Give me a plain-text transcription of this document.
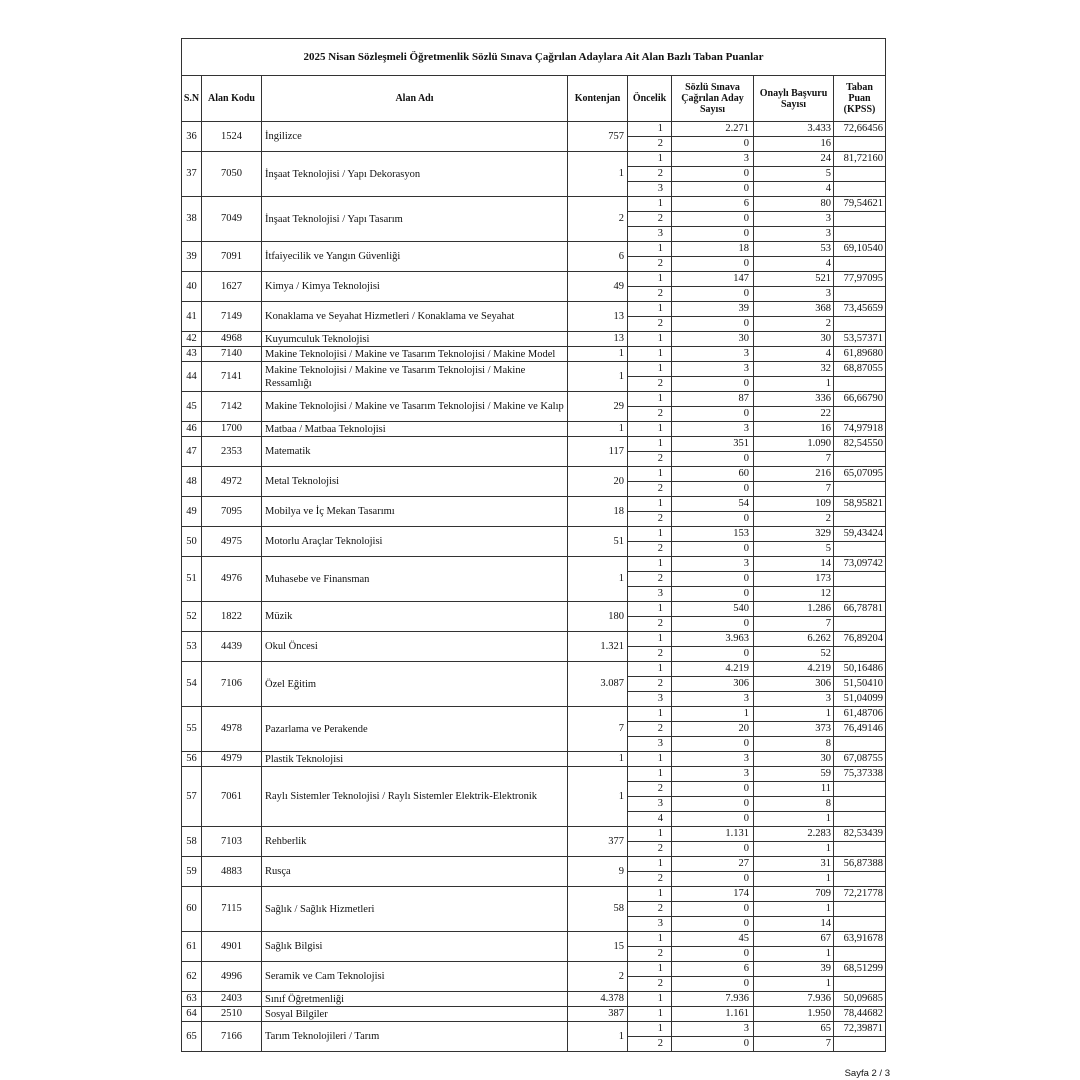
2025 Nisan Sözleşmeli Öğretmenlik Sözlü Sınava Çağrılan Adaylara Ait Alan Bazlı Taban Puanlar							
S.N	Alan Kodu	Alan Adı	Kontenjan	Öncelik	Sözlü Sınava Çağrılan Aday Sayısı	Onaylı Başvuru Sayısı	Taban Puan (KPSS)
36	1524	İngilizce	757	1	2.271	3.433	72,66456
				2	0	16	
37	7050	İnşaat Teknolojisi / Yapı Dekorasyon	1	1	3	24	81,72160
				2	0	5	
				3	0	4	
38	7049	İnşaat Teknolojisi / Yapı Tasarım	2	1	6	80	79,54621
				2	0	3	
				3	0	3	
39	7091	İtfaiyecilik ve Yangın Güvenliği	6	1	18	53	69,10540
				2	0	4	
40	1627	Kimya / Kimya Teknolojisi	49	1	147	521	77,97095
				2	0	3	
41	7149	Konaklama ve Seyahat Hizmetleri / Konaklama ve Seyahat	13	1	39	368	73,45659
				2	0	2	
42	4968	Kuyumculuk Teknolojisi	13	1	30	30	53,57371
43	7140	Makine Teknolojisi / Makine ve Tasarım Teknolojisi / Makine Model	1	1	3	4	61,89680
44	7141	Makine Teknolojisi / Makine ve Tasarım Teknolojisi / Makine Ressamlığı	1	1	3	32	68,87055
				2	0	1	
45	7142	Makine Teknolojisi / Makine ve Tasarım Teknolojisi / Makine ve Kalıp	29	1	87	336	66,66790
				2	0	22	
46	1700	Matbaa / Matbaa Teknolojisi	1	1	3	16	74,97918
47	2353	Matematik	117	1	351	1.090	82,54550
				2	0	7	
48	4972	Metal Teknolojisi	20	1	60	216	65,07095
				2	0	7	
49	7095	Mobilya ve İç Mekan Tasarımı	18	1	54	109	58,95821
				2	0	2	
50	4975	Motorlu Araçlar Teknolojisi	51	1	153	329	59,43424
				2	0	5	
51	4976	Muhasebe ve Finansman	1	1	3	14	73,09742
				2	0	173	
				3	0	12	
52	1822	Müzik	180	1	540	1.286	66,78781
				2	0	7	
53	4439	Okul Öncesi	1.321	1	3.963	6.262	76,89204
				2	0	52	
54	7106	Özel Eğitim	3.087	1	4.219	4.219	50,16486
				2	306	306	51,50410
				3	3	3	51,04099
55	4978	Pazarlama ve Perakende	7	1	1	1	61,48706
				2	20	373	76,49146
				3	0	8	
56	4979	Plastik Teknolojisi	1	1	3	30	67,08755
57	7061	Raylı Sistemler Teknolojisi / Raylı Sistemler Elektrik-Elektronik	1	1	3	59	75,37338
				2	0	11	
				3	0	8	
				4	0	1	
58	7103	Rehberlik	377	1	1.131	2.283	82,53439
				2	0	1	
59	4883	Rusça	9	1	27	31	56,87388
				2	0	1	
60	7115	Sağlık / Sağlık Hizmetleri	58	1	174	709	72,21778
				2	0	1	
				3	0	14	
61	4901	Sağlık Bilgisi	15	1	45	67	63,91678
				2	0	1	
62	4996	Seramik ve Cam Teknolojisi	2	1	6	39	68,51299
				2	0	1	
63	2403	Sınıf Öğretmenliği	4.378	1	7.936	7.936	50,09685
64	2510	Sosyal Bilgiler	387	1	1.161	1.950	78,44682
65	7166	Tarım Teknolojileri / Tarım	1	1	3	65	72,39871
				2	0	7	
Sayfa 2 / 3
